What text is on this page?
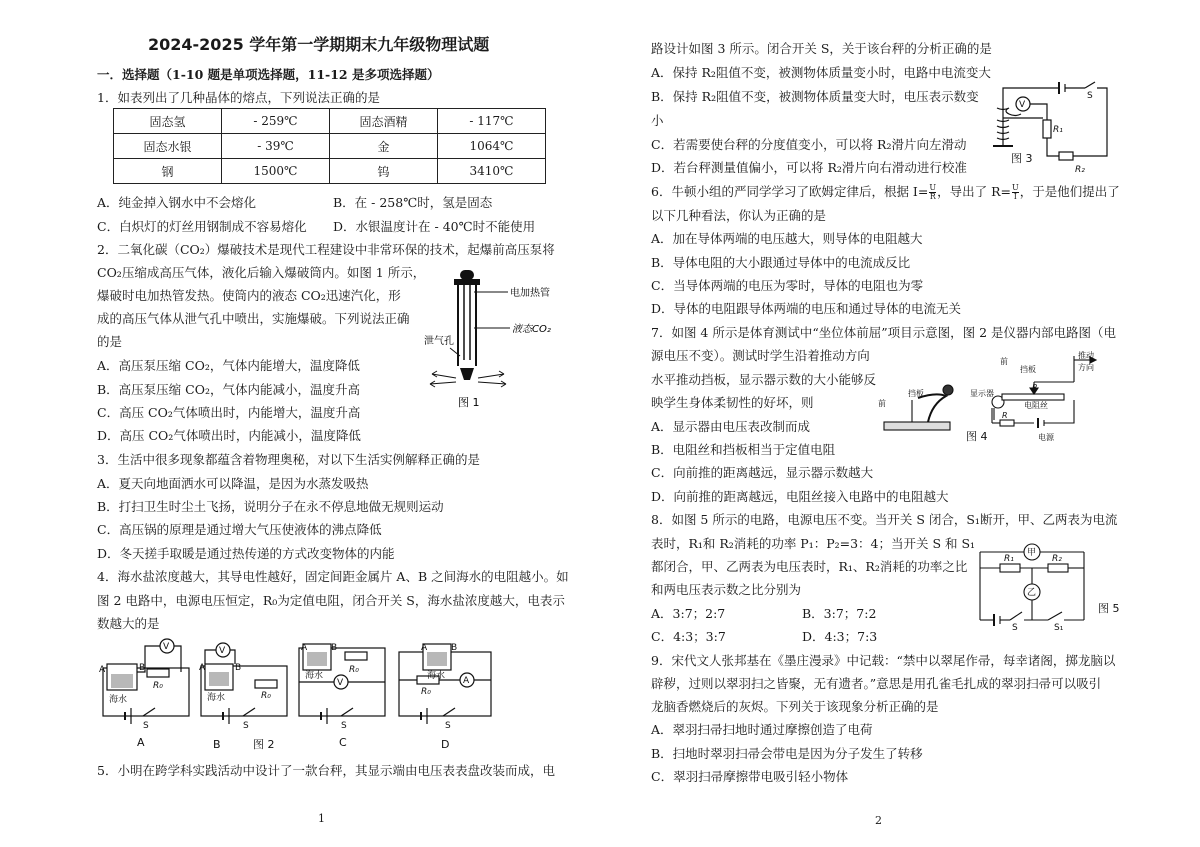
2024-2025 学年第一学期期末九年级物理试题
一．选择题（1-10 题是单项选择题，11-12 是多项选择题）
1．如表列出了几种晶体的熔点，下列说法正确的是
固态氢	- 259℃	固态酒精	- 117℃
固态水银	- 39℃	金	1064℃
钢	1500℃	钨	3410℃
A．纯金掉入钢水中不会熔化	B．在 - 258℃时，氢是固态
C．白炽灯的灯丝用钢制成不容易熔化 D．水银温度计在 - 40℃时不能使用
2．二氧化碳（CO₂）爆破技术是现代工程建设中非常环保的技术，起爆前高压泵将
CO₂压缩成高压气体，液化后输入爆破筒内。如图 1 所示，
爆破时电加热管发热。使筒内的液态 CO₂迅速汽化，形
成的高压气体从泄气孔中喷出，实施爆破。下列说法正确
的是
A．高压泵压缩 CO₂，气体内能增大，温度降低
B．高压泵压缩 CO₂，气体内能减小，温度升高
C．高压 CO₂气体喷出时，内能增大，温度升高
D．高压 CO₂气体喷出时，内能减小，温度降低
电加热管
液态CO₂
泄气孔
图 1
3．生活中很多现象都蕴含着物理奥秘，对以下生活实例解释正确的是
A．夏天向地面洒水可以降温，是因为水蒸发吸热
B．打扫卫生时尘土飞扬，说明分子在永不停息地做无规则运动
C．高压锅的原理是通过增大气压使液体的沸点降低
D．冬天搓手取暖是通过热传递的方式改变物体的内能
4．海水盐浓度越大，其导电性越好，固定间距金属片 A、B 之间海水的电阻越小。如
图 2 电路中，电源电压恒定，R₀为定值电阻，闭合开关 S，海水盐浓度越大，电表示
数越大的是
A	B
海水
R₀
V
S
A	B
海水	R₀
V
S
A	B
海水
R₀
V
S
A	B
海水
R₀
A
S
A	B	图 2	C	D
5．小明在跨学科实践活动中设计了一款台秤，其显示端由电压表表盘改装而成，电
1
路设计如图 3 所示。闭合开关 S，关于该台秤的分析正确的是
A．保持 R₂阻值不变，被测物体质量变小时，电路中电流变大
B．保持 R₂阻值不变，被测物体质量变大时，电压表示数变
小
C．若需要使台秤的分度值变小，可以将 R₂滑片向左滑动
D．若台秤测量值偏小，可以将 R₂滑片向右滑动进行校准
V
S
R₁
R₂
图 3
6．牛顿小组的严同学学习了欧姆定律后，根据 $I= \frac{U}{R}$ ，导出了 $R= \frac{U}{I}$ ，于是他们提出了
以下几种看法，你认为正确的是
A．加在导体两端的电压越大，则导体的电阻越大
B．导体电阻的大小跟通过导体中的电流成反比
C．当导体两端的电压为零时，导体的电阻也为零
D．导体的电阻跟导体两端的电压和通过导体的电流无关
7．如图 4 所示是体育测试中“坐位体前屈”项目示意图，图 2 是仪器内部电路图（电
源电压不变）。测试时学生沿着推动方向
水平推动挡板，显示器示数的大小能够反
映学生身体柔韧性的好坏，则
A．显示器由电压表改制而成
B．电阻丝和挡板相当于定值电阻
C．向前推的距离越远，显示器示数越大
D．向前推的距离越远，电阻丝接入电路中的电阻越大
前
挡板
前
挡板
推动
方向
显示器
电阻丝
P
R
电源
图 4
8．如图 5 所示的电路，电源电压不变。当开关 S 闭合，S₁断开，甲、乙两表为电流
表时，R₁和 R₂消耗的功率 P₁：P₂=3：4；当开关 S 和 S₁
都闭合，甲、乙两表为电压表时，R₁、R₂消耗的功率之比
和两电压表示数之比分别为
A．3:7；2:7	B．3:7；7:2
C．4:3；3:7	D．4:3；7:3
甲
乙
R₁	R₂
S	S₁
图 5
9．宋代文人张邦基在《墨庄漫录》中记载：“禁中以翠尾作帚，每幸诸阁，掷龙脑以
辟秽，过则以翠羽扫之皆聚，无有遗者。”意思是用孔雀毛扎成的翠羽扫帚可以吸引
龙脑香燃烧后的灰烬。下列关于该现象分析正确的是
A．翠羽扫帚扫地时通过摩擦创造了电荷
B．扫地时翠羽扫帚会带电是因为分子发生了转移
C．翠羽扫帚摩擦带电吸引轻小物体
2
